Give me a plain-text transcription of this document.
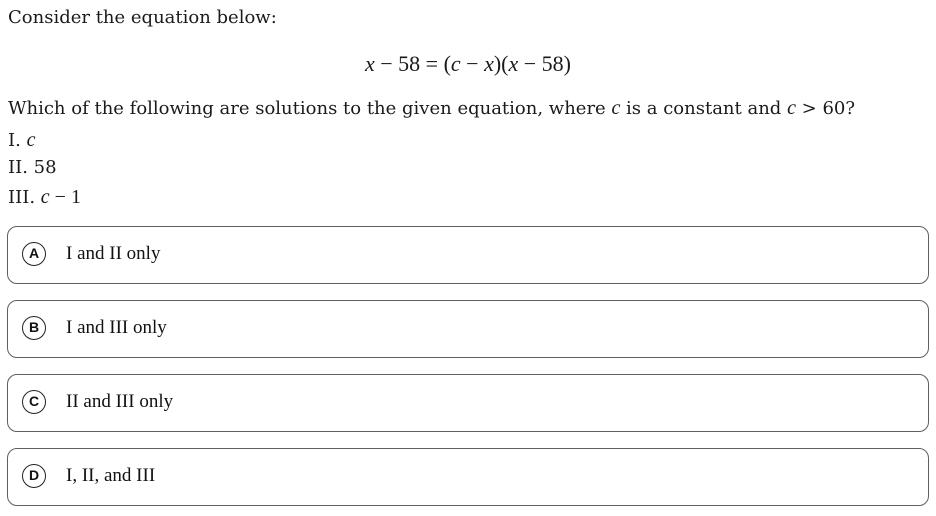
Consider the equation below:
x − 58 = (c − x)(x − 58)
Which of the following are solutions to the given equation, where c is a constant and c > 60?
I. c
II. 58
III. c − 1
A	I and II only
B	I and III only
C	II and III only
D	I, II, and III
